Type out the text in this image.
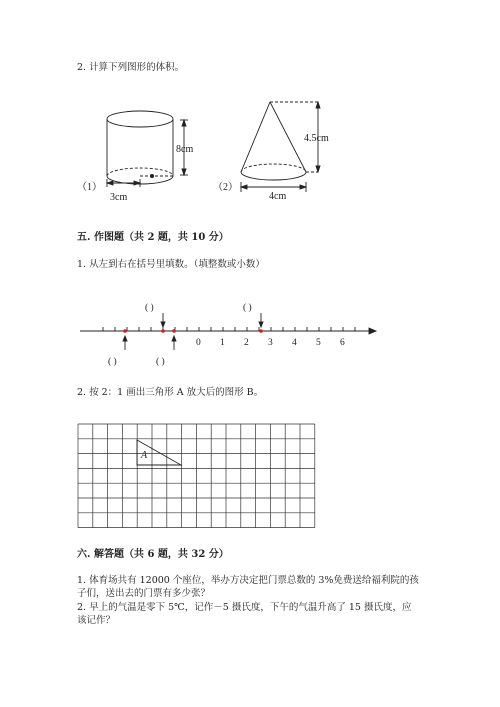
2. 计算下列图形的体积。
8cm
3cm
（1）
4.5cm
4cm
（2）
0 1 2 3 4 5 6
( )	( )
( )	( )
A
五. 作图题（共 2 题，共 10 分）
1. 从左到右在括号里填数。（填整数或小数）
2. 按 2：1 画出三角形 A 放大后的图形 B。
六. 解答题（共 6 题，共 32 分）
1. 体育场共有 12000 个座位，举办方决定把门票总数的 3%免费送给福利院的孩
子们，送出去的门票有多少张？
2. 早上的气温是零下 5℃，记作－5 摄氏度，下午的气温升高了 15 摄氏度，应
该记作？
